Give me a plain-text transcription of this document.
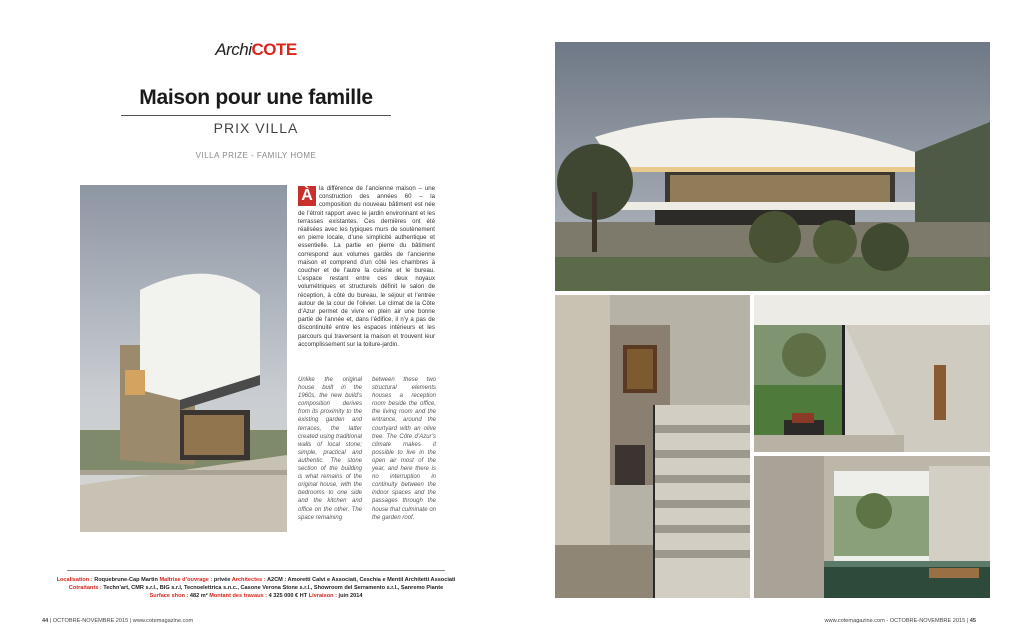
ArchiCOTE
Maison pour une famille
PRIX VILLA
VILLA PRIZE - FAMILY HOME
À	la différence de l’ancienne maison – une construction des années 60 – la composition du nouveau bâtiment est née de l’étroit rapport avec le jardin environnant et les terrasses existantes. Ces dernières ont été réalisées avec les typiques murs de soutènement en pierre locale, d’une simplicité authentique et essentielle. La partie en pierre du bâtiment correspond aux volumes gardés de l’ancienne maison et comprend d’un côté les chambres à coucher et de l’autre la cuisine et le bureau. L’espace restant entre ces deux noyaux volumétriques et structurels définit le salon de réception, à côté du bureau, le séjour et l’entrée autour de la cour de l’olivier. Le climat de la Côte d’Azur permet de vivre en plein air une bonne partie de l’année et, dans l’édifice, il n’y a pas de discontinuité entre les espaces intérieurs et les parcours qui traversent la maison et trouvent leur accomplissement sur la toiture-jardin.
Unlike the original house built in the 1960s, the new build’s composition derives from its proximity to the existing garden and terraces, the latter created using traditional walls of local stone; simple, practical and authentic. The stone section of the building is what remains of the original house, with the bedrooms to one side and the kitchen and office on the other. The space remaining
between these two structural elements houses a reception room beside the office, the living room and the entrance, around the courtyard with an olive tree. The Côte d’Azur’s climate makes it possible to live in the open air most of the year, and here there is no interruption in continuity between the indoor spaces and the passages through the house that culminate on the garden roof.
Localisation : Roquebrune-Cap Martin Maîtrise d’ouvrage : privée Architectes : A2CM : Amoretti Calvi e Associati, Ceschia e Mentil Architetti Associati
Cotraitants : Techn’art, CMR s.r.l., BIG s.r.l, Tecnoelettrica s.n.c., Casone Verona Stone s.r.l., Showroom del Serramento s.r.l., Sanremo Piante
Surface shon : 482 m² Montant des travaux : 4 325 000 € HT Livraison : juin 2014
44 | OCTOBRE-NOVEMBRE 2015 | www.cotemagazine.com	www.cotemagazine.com - OCTOBRE-NOVEMBRE 2015 | 45
